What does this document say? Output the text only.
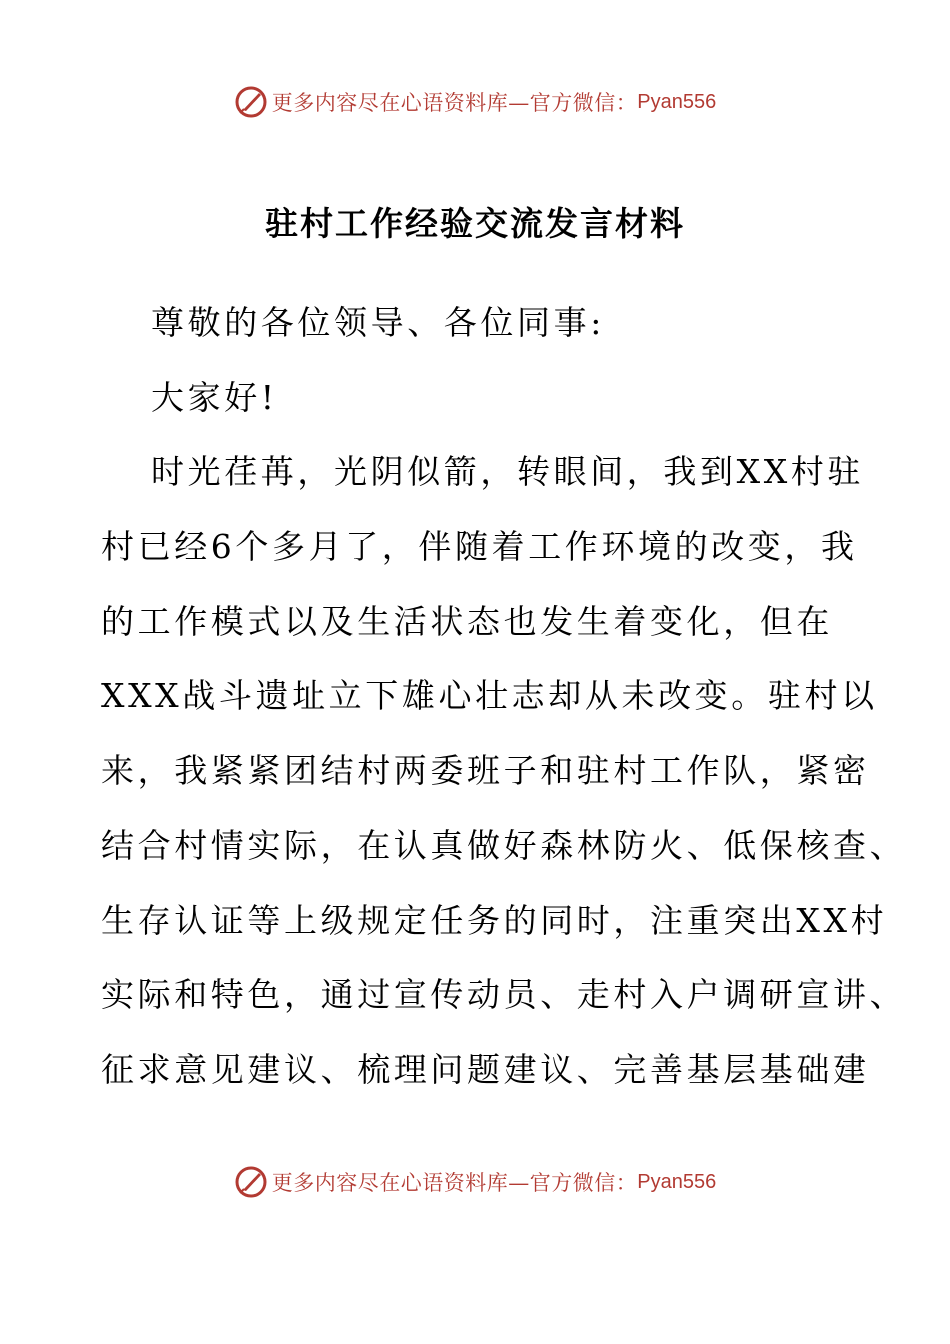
更多内容尽在心语资料库—官方微信： Pyan556
驻村工作经验交流发言材料
尊敬的各位领导、各位同事:
大家好!
时光荏苒，光阴似箭，转眼间，我到XX村驻
村已经6个多月了，伴随着工作环境的改变，我
的工作模式以及生活状态也发生着变化，但在
XXX战斗遗址立下雄心壮志却从未改变。驻村以
来，我紧紧团结村两委班子和驻村工作队，紧密
结合村情实际，在认真做好森林防火、低保核查、
生存认证等上级规定任务的同时，注重突出XX村
实际和特色，通过宣传动员、走村入户调研宣讲、
征求意见建议、梳理问题建议、完善基层基础建
更多内容尽在心语资料库—官方微信： Pyan556
